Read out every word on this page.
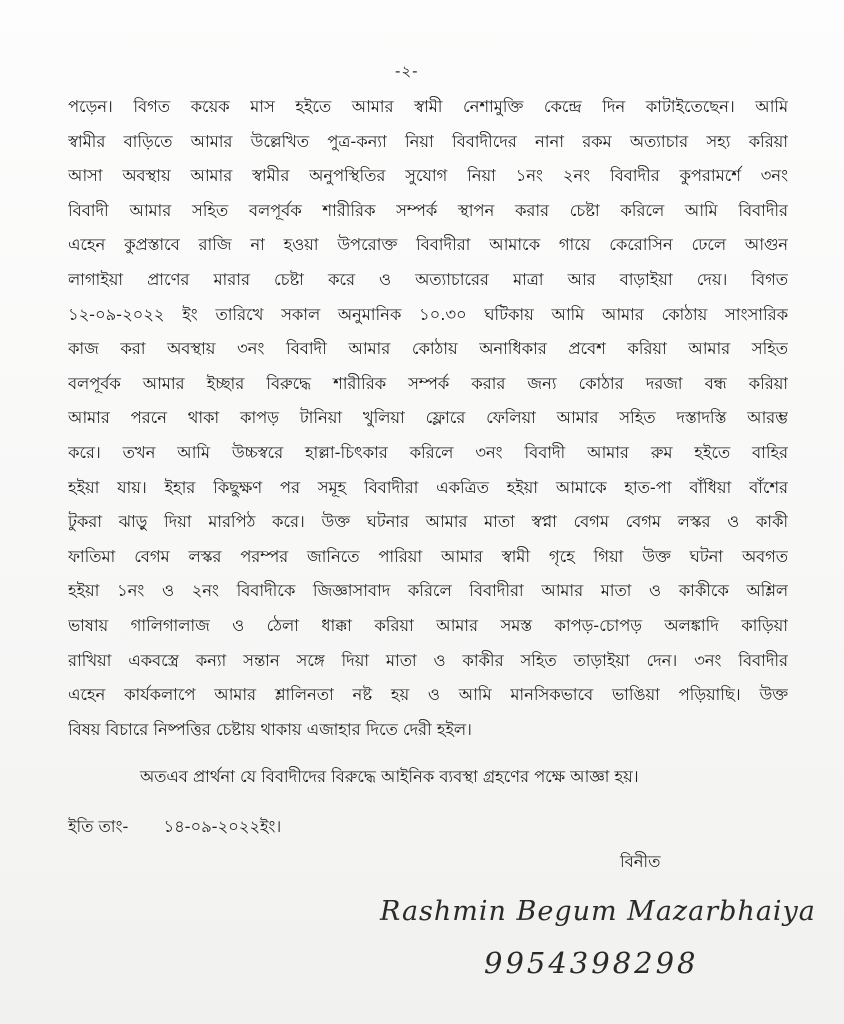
-২-
পড়েন। বিগত কয়েক মাস হইতে আমার স্বামী নেশামুক্তি কেন্দ্রে দিন কাটাইতেছেন। আমি
স্বামীর বাড়িতে আমার উল্লেখিত পুত্র-কন্যা নিয়া বিবাদীদের নানা রকম অত্যাচার সহ্য করিয়া
আসা অবস্থায় আমার স্বামীর অনুপস্থিতির সুযোগ নিয়া ১নং ২নং বিবাদীর কুপরামর্শে ৩নং
বিবাদী আমার সহিত বলপূর্বক শারীরিক সম্পর্ক স্থাপন করার চেষ্টা করিলে আমি বিবাদীর
এহেন কুপ্রস্তাবে রাজি না হওয়া উপরোক্ত বিবাদীরা আমাকে গায়ে কেরোসিন ঢেলে আগুন
লাগাইয়া প্রাণের মারার চেষ্টা করে ও অত্যাচারের মাত্রা আর বাড়াইয়া দেয়। বিগত
১২-০৯-২০২২ ইং তারিখে সকাল অনুমানিক ১০.৩০ ঘটিকায় আমি আমার কোঠায় সাংসারিক
কাজ করা অবস্থায় ৩নং বিবাদী আমার কোঠায় অনাধিকার প্রবেশ করিয়া আমার সহিত
বলপূর্বক আমার ইচ্ছার বিরুদ্ধে শারীরিক সম্পর্ক করার জন্য কোঠার দরজা বন্ধ করিয়া
আমার পরনে থাকা কাপড় টানিয়া খুলিয়া ফ্লোরে ফেলিয়া আমার সহিত দস্তাদস্তি আরম্ভ
করে। তখন আমি উচ্চস্বরে হাল্লা-চিৎকার করিলে ৩নং বিবাদী আমার রুম হইতে বাহির
হইয়া যায়। ইহার কিছুক্ষণ পর সমূহ বিবাদীরা একত্রিত হইয়া আমাকে হাত-পা বাঁধিয়া বাঁশের
টুকরা ঝাড়ু দিয়া মারপিঠ করে। উক্ত ঘটনার আমার মাতা স্বপ্না বেগম বেগম লস্কর ও কাকী
ফাতিমা বেগম লস্কর পরম্পর জানিতে পারিয়া আমার স্বামী গৃহে গিয়া উক্ত ঘটনা অবগত
হইয়া ১নং ও ২নং বিবাদীকে জিজ্ঞাসাবাদ করিলে বিবাদীরা আমার মাতা ও কাকীকে অশ্লিল
ভাষায় গালিগালাজ ও ঠেলা ধাক্কা করিয়া আমার সমস্ত কাপড়-চোপড় অলঙ্কাদি কাড়িয়া
রাখিয়া একবস্ত্রে কন্যা সন্তান সঙ্গে দিয়া মাতা ও কাকীর সহিত তাড়াইয়া দেন। ৩নং বিবাদীর
এহেন কার্যকলাপে আমার শ্লালিনতা নষ্ট হয় ও আমি মানসিকভাবে ভাঙিয়া পড়িয়াছি। উক্ত
বিষয় বিচারে নিষ্পত্তির চেষ্টায় থাকায় এজাহার দিতে দেরী হইল।
অতএব প্রার্থনা যে বিবাদীদের বিরুদ্ধে আইনিক ব্যবস্থা গ্রহণের পক্ষে আজ্ঞা হয়।
ইতি তাং- ১৪-০৯-২০২২ইং।
বিনীত
Rashmin Begum Mazarbhaiya
9954398298
